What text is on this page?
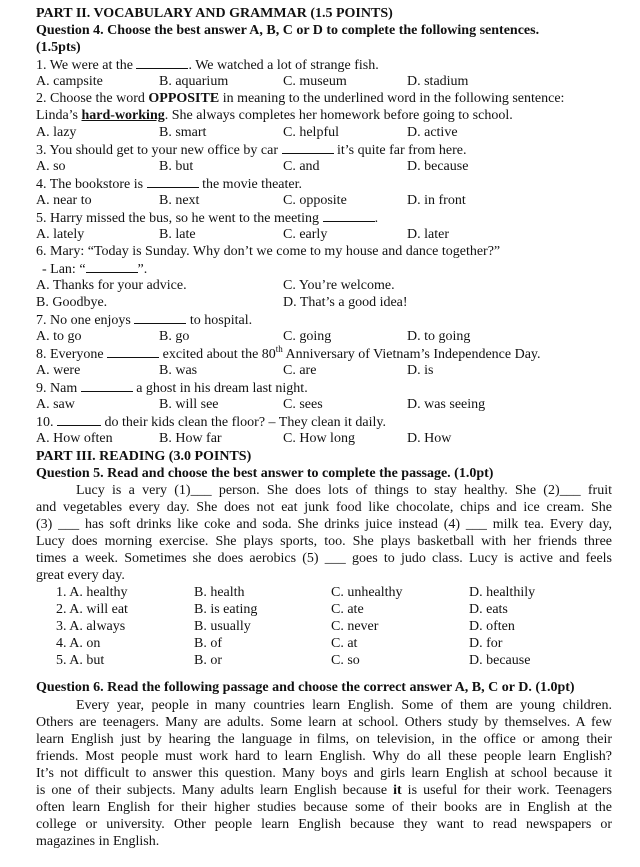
PART II. VOCABULARY AND GRAMMAR (1.5 POINTS)
Question 4. Choose the best answer A, B, C or D to complete the following sentences.
(1.5pts)
1. We were at the	. We watched a lot of strange fish.
A. campsite	B. aquarium	C. museum	D. stadium
2. Choose the word OPPOSITE in meaning to the underlined word in the following sentence:
Linda’s hard-working. She always completes her homework before going to school.
A. lazy	B. smart	C. helpful	D. active
3. You should get to your new office by car	it’s quite far from here.
A. so	B. but	C. and	D. because
4. The bookstore is	the movie theater.
A. near to	B. next	C. opposite	D. in front
5. Harry missed the bus, so he went to the meeting	.
A. lately	B. late	C. early	D. later
6. Mary: “Today is Sunday. Why don’t we come to my house and dance together?”
- Lan: “	”.
A. Thanks for your advice.	C. You’re welcome.
B. Goodbye.	D. That’s a good idea!
7. No one enjoys	to hospital.
A. to go	B. go	C. going	D. to going
8. Everyone	excited about the 80th Anniversary of Vietnam’s Independence Day.
A. were	B. was	C. are	D. is
9. Nam	a ghost in his dream last night.
A. saw	B. will see	C. sees	D. was seeing
10.	do their kids clean the floor? – They clean it daily.
A. How often	B. How far	C. How long	D. How
PART III. READING (3.0 POINTS)
Question 5. Read and choose the best answer to complete the passage. (1.0pt)
Lucy is a very (1)___ person. She does lots of things to stay healthy. She (2)___ fruit
and vegetables every day. She does not eat junk food like chocolate, chips and ice cream. She
(3) ___ has soft drinks like coke and soda. She drinks juice instead (4) ___ milk tea. Every day,
Lucy does morning exercise. She plays sports, too. She plays basketball with her friends three
times a week. Sometimes she does aerobics (5) ___ goes to judo class. Lucy is active and feels
great every day.
1. A. healthy	B. health	C. unhealthy	D. healthily
2. A. will eat	B. is eating	C. ate	D. eats
3. A. always	B. usually	C. never	D. often
4. A. on	B. of	C. at	D. for
5. A. but	B. or	C. so	D. because
Question 6. Read the following passage and choose the correct answer A, B, C or D. (1.0pt)
Every year, people in many countries learn English. Some of them are young children.
Others are teenagers. Many are adults. Some learn at school. Others study by themselves. A few
learn English just by hearing the language in films, on television, in the office or among their
friends. Most people must work hard to learn English. Why do all these people learn English?
It’s not difficult to answer this question. Many boys and girls learn English at school because it
is one of their subjects. Many adults learn English because it is useful for their work. Teenagers
often learn English for their higher studies because some of their books are in English at the
college or university. Other people learn English because they want to read newspapers or
magazines in English.
